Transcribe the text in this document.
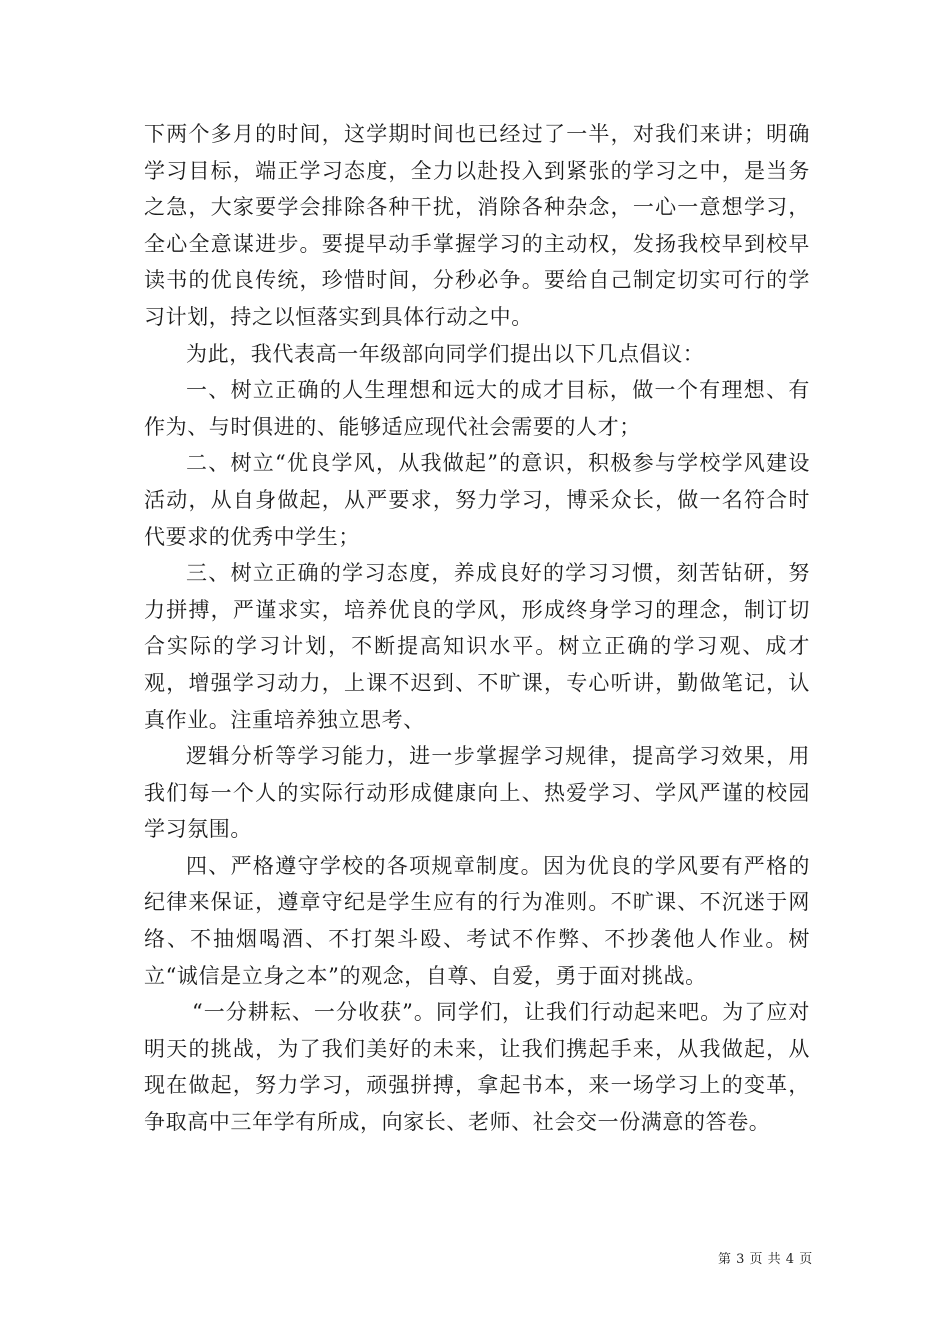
下两个多月的时间，这学期时间也已经过了一半，对我们来讲；明确学习目标，端正学习态度，全力以赴投入到紧张的学习之中，是当务之急，大家要学会排除各种干扰，消除各种杂念，一心一意想学习，全心全意谋进步。要提早动手掌握学习的主动权，发扬我校早到校早读书的优良传统，珍惜时间，分秒必争。要给自己制定切实可行的学习计划，持之以恒落实到具体行动之中。

为此，我代表高一年级部向同学们提出以下几点倡议：

一、树立正确的人生理想和远大的成才目标，做一个有理想、有作为、与时俱进的、能够适应现代社会需要的人才；

二、树立“优良学风，从我做起”的意识，积极参与学校学风建设活动，从自身做起，从严要求，努力学习，博采众长，做一名符合时代要求的优秀中学生；

三、树立正确的学习态度，养成良好的学习习惯，刻苦钻研，努力拼搏，严谨求实，培养优良的学风，形成终身学习的理念，制订切合实际的学习计划，不断提高知识水平。树立正确的学习观、成才观，增强学习动力，上课不迟到、不旷课，专心听讲，勤做笔记，认真作业。注重培养独立思考、

逻辑分析等学习能力，进一步掌握学习规律，提高学习效果，用我们每一个人的实际行动形成健康向上、热爱学习、学风严谨的校园学习氛围。

四、严格遵守学校的各项规章制度。因为优良的学风要有严格的纪律来保证，遵章守纪是学生应有的行为准则。不旷课、不沉迷于网络、不抽烟喝酒、不打架斗殴、考试不作弊、不抄袭他人作业。树立“诚信是立身之本”的观念，自尊、自爱，勇于面对挑战。

“一分耕耘、一分收获”。同学们，让我们行动起来吧。为了应对明天的挑战，为了我们美好的未来，让我们携起手来，从我做起，从现在做起，努力学习，顽强拼搏，拿起书本，来一场学习上的变革，争取高中三年学有所成，向家长、老师、社会交一份满意的答卷。

第 3 页 共 4 页
